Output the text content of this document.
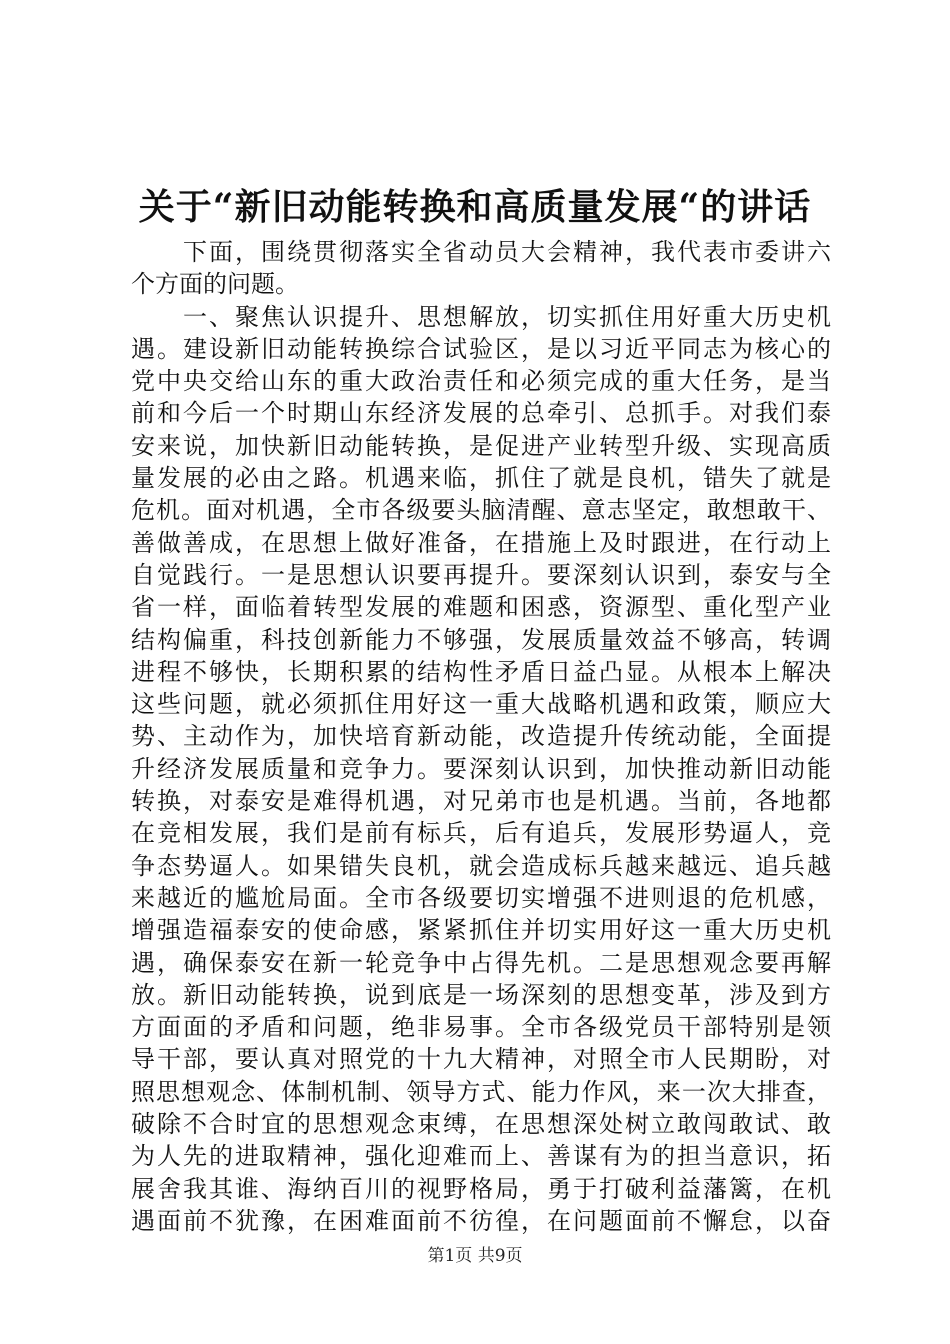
关于“新旧动能转换和高质量发展“的讲话
　　下面，围绕贯彻落实全省动员大会精神，我代表市委讲六
个方面的问题。
　　一、聚焦认识提升、思想解放，切实抓住用好重大历史机
遇。建设新旧动能转换综合试验区，是以习近平同志为核心的
党中央交给山东的重大政治责任和必须完成的重大任务，是当
前和今后一个时期山东经济发展的总牵引、总抓手。对我们泰
安来说，加快新旧动能转换，是促进产业转型升级、实现高质
量发展的必由之路。机遇来临，抓住了就是良机，错失了就是
危机。面对机遇，全市各级要头脑清醒、意志坚定，敢想敢干、
善做善成，在思想上做好准备，在措施上及时跟进，在行动上
自觉践行。一是思想认识要再提升。要深刻认识到，泰安与全
省一样，面临着转型发展的难题和困惑，资源型、重化型产业
结构偏重，科技创新能力不够强，发展质量效益不够高，转调
进程不够快，长期积累的结构性矛盾日益凸显。从根本上解决
这些问题，就必须抓住用好这一重大战略机遇和政策，顺应大
势、主动作为，加快培育新动能，改造提升传统动能，全面提
升经济发展质量和竞争力。要深刻认识到，加快推动新旧动能
转换，对泰安是难得机遇，对兄弟市也是机遇。当前，各地都
在竞相发展，我们是前有标兵，后有追兵，发展形势逼人，竞
争态势逼人。如果错失良机，就会造成标兵越来越远、追兵越
来越近的尴尬局面。全市各级要切实增强不进则退的危机感，
增强造福泰安的使命感，紧紧抓住并切实用好这一重大历史机
遇，确保泰安在新一轮竞争中占得先机。二是思想观念要再解
放。新旧动能转换，说到底是一场深刻的思想变革，涉及到方
方面面的矛盾和问题，绝非易事。全市各级党员干部特别是领
导干部，要认真对照党的十九大精神，对照全市人民期盼，对
照思想观念、体制机制、领导方式、能力作风，来一次大排查，
破除不合时宜的思想观念束缚，在思想深处树立敢闯敢试、敢
为人先的进取精神，强化迎难而上、善谋有为的担当意识，拓
展舍我其谁、海纳百川的视野格局，勇于打破利益藩篱，在机
遇面前不犹豫，在困难面前不彷徨，在问题面前不懈怠，以奋
第1页 共9页
